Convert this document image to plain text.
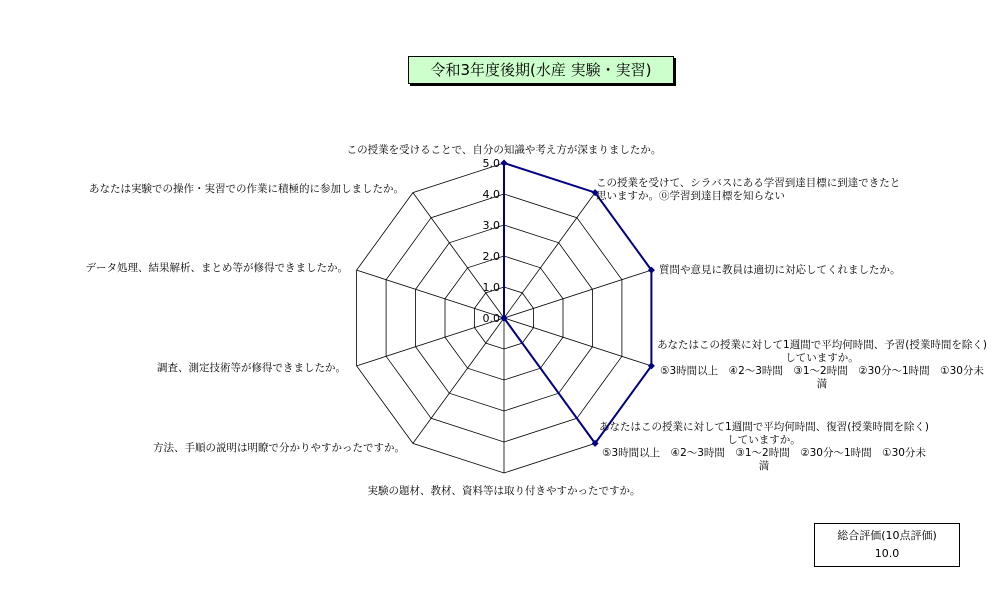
令和3年度後期(水産 実験・実習)
0.0
1.0
2.0
3.0
4.0
5.0
この授業を受けることで、自分の知識や考え方が深まりましたか。
この授業を受けて、シラバスにある学習到達目標に到達できたと思いますか。⓪学習到達目標を知らない
質問や意見に教員は適切に対応してくれましたか。
あなたはこの授業に対して1週間で平均何時間、予習(授業時間を除く)していますか。 ⑤3時間以上　④2～3時間　③1～2時間　②30分～1時間　①30分未満
あなたはこの授業に対して1週間で平均何時間、復習(授業時間を除く)していますか。 ⑤3時間以上　④2～3時間　③1～2時間　②30分～1時間　①30分未満
実験の題材、教材、資料等は取り付きやすかったですか。
方法、手順の説明は明瞭で分かりやすかったですか。
調査、測定技術等が修得できましたか。
データ処理、結果解析、まとめ等が修得できましたか。
あなたは実験での操作・実習での作業に積極的に参加しましたか。
総合評価(10点評価)
10.0
